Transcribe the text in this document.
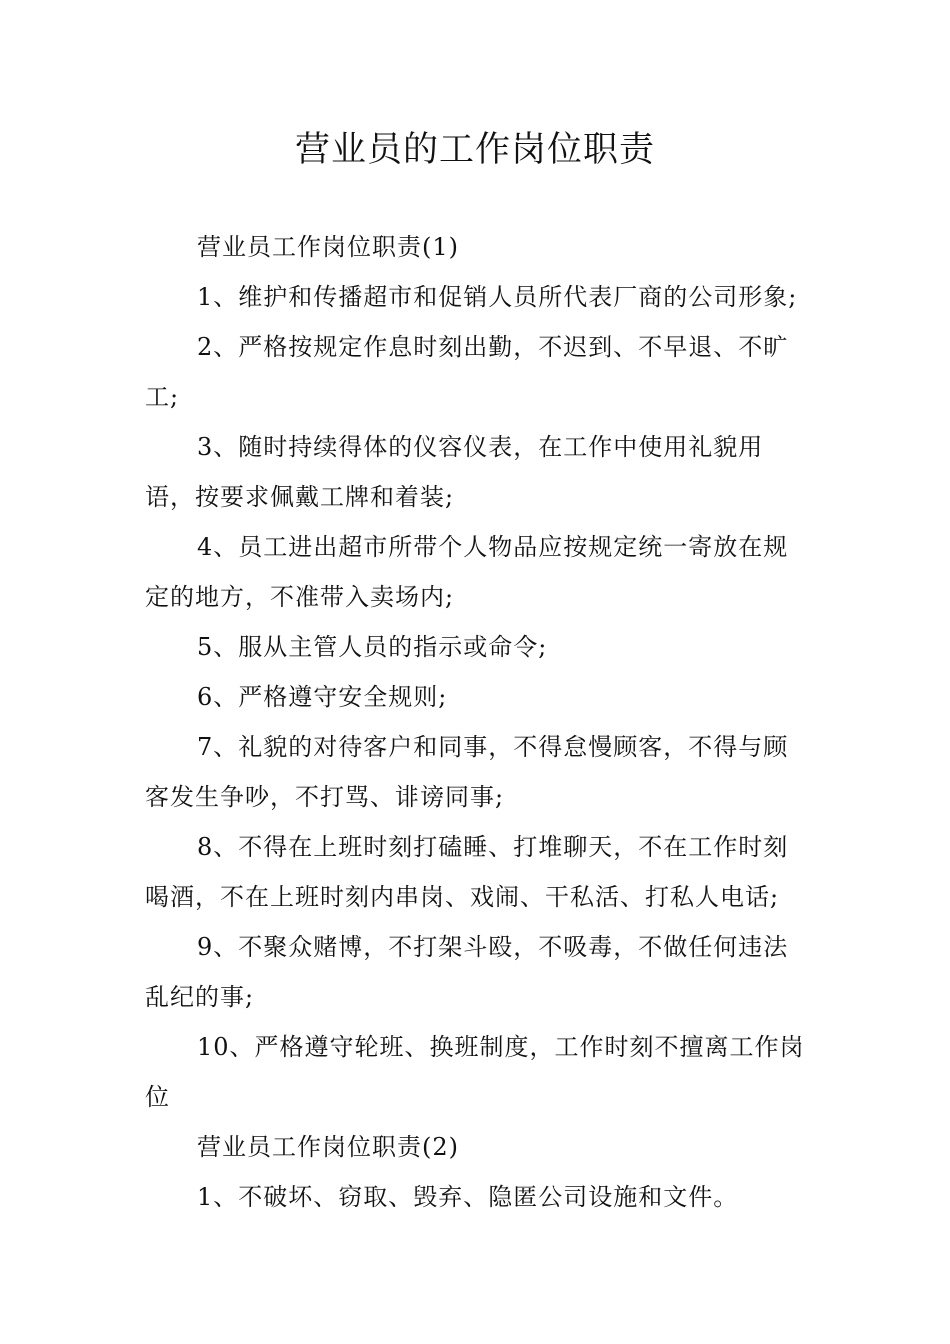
营业员的工作岗位职责

营业员工作岗位职责(1)

1、维护和传播超市和促销人员所代表厂商的公司形象;

2、严格按规定作息时刻出勤，不迟到、不早退、不旷工;

3、随时持续得体的仪容仪表，在工作中使用礼貌用语，按要求佩戴工牌和着装;

4、员工进出超市所带个人物品应按规定统一寄放在规定的地方，不准带入卖场内;

5、服从主管人员的指示或命令;

6、严格遵守安全规则;

7、礼貌的对待客户和同事，不得怠慢顾客，不得与顾客发生争吵，不打骂、诽谤同事;

8、不得在上班时刻打磕睡、打堆聊天，不在工作时刻喝酒，不在上班时刻内串岗、戏闹、干私活、打私人电话;

9、不聚众赌博，不打架斗殴，不吸毒，不做任何违法乱纪的事;

10、严格遵守轮班、换班制度，工作时刻不擅离工作岗位

营业员工作岗位职责(2)

1、不破坏、窃取、毁弃、隐匿公司设施和文件。
